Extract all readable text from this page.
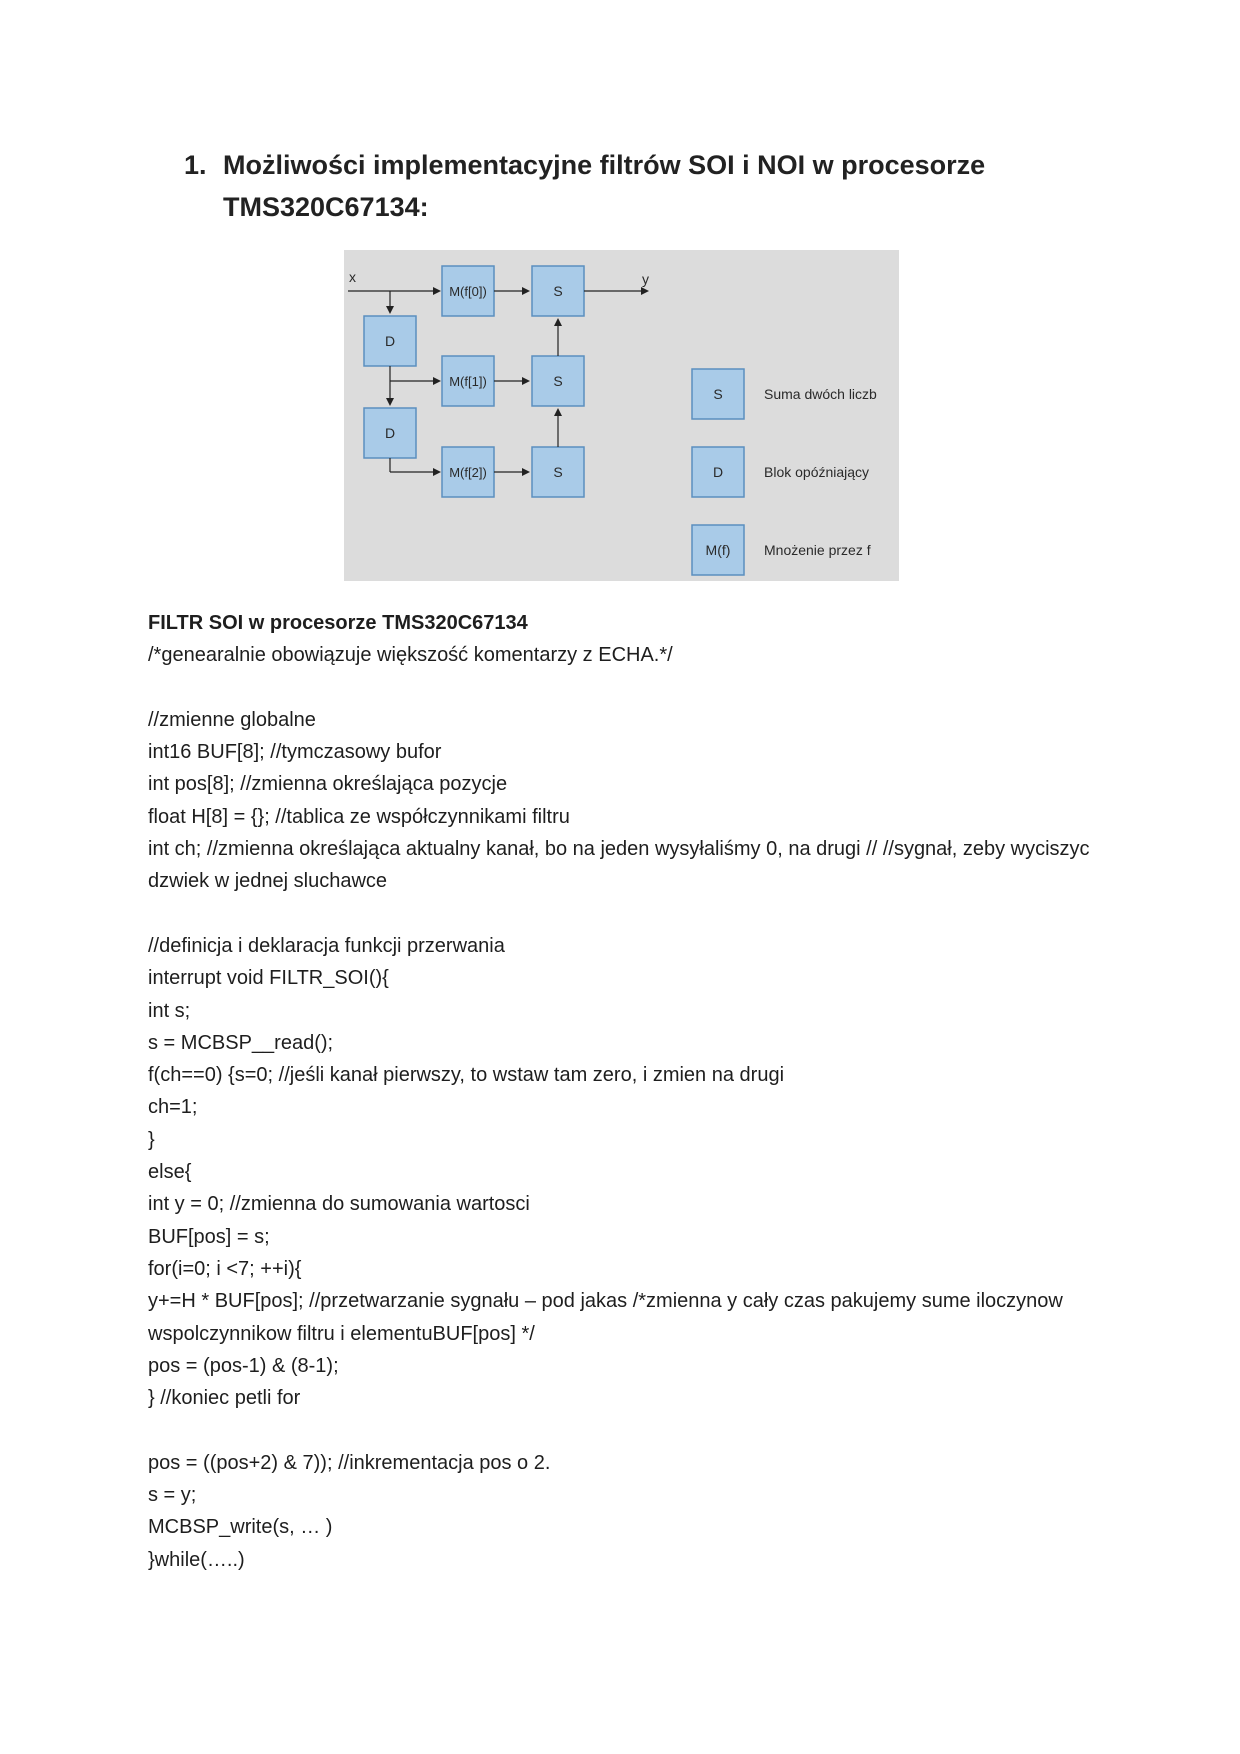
1. Możliwości implementacyjne filtrów SOI i NOI w procesorze TMS320C67134:
x
D
D
M(f[0])
M(f[1])
M(f[2])
S
S
S
y
S	Suma dwóch liczb
D	Blok opóźniający
M(f) Mnożenie przez f
FILTR SOI w procesorze TMS320C67134
/*genearalnie obowiązuje większość komentarzy z ECHA.*/
//zmienne globalne
int16 BUF[8]; //tymczasowy bufor
int pos[8]; //zmienna określająca pozycje
float H[8] = {}; //tablica ze współczynnikami filtru
int ch; //zmienna określająca aktualny kanał, bo na jeden wysyłaliśmy 0, na drugi // //sygnał, zeby wyciszyc dzwiek w jednej sluchawce
//definicja i deklaracja funkcji przerwania
interrupt void FILTR_SOI(){
int s;
s = MCBSP__read();
f(ch==0) {s=0; //jeśli kanał pierwszy, to wstaw tam zero, i zmien na drugi
ch=1;
}
else{
int y = 0; //zmienna do sumowania wartosci
BUF[pos] = s;
for(i=0; i <7; ++i){
y+=H * BUF[pos]; //przetwarzanie sygnału – pod jakas /*zmienna y cały czas pakujemy sume iloczynow wspolczynnikow filtru i elementuBUF[pos] */
pos = (pos-1) & (8-1);
} //koniec petli for
pos = ((pos+2) & 7)); //inkrementacja pos o 2.
s = y;
MCBSP_write(s, … )
}while(…..)
